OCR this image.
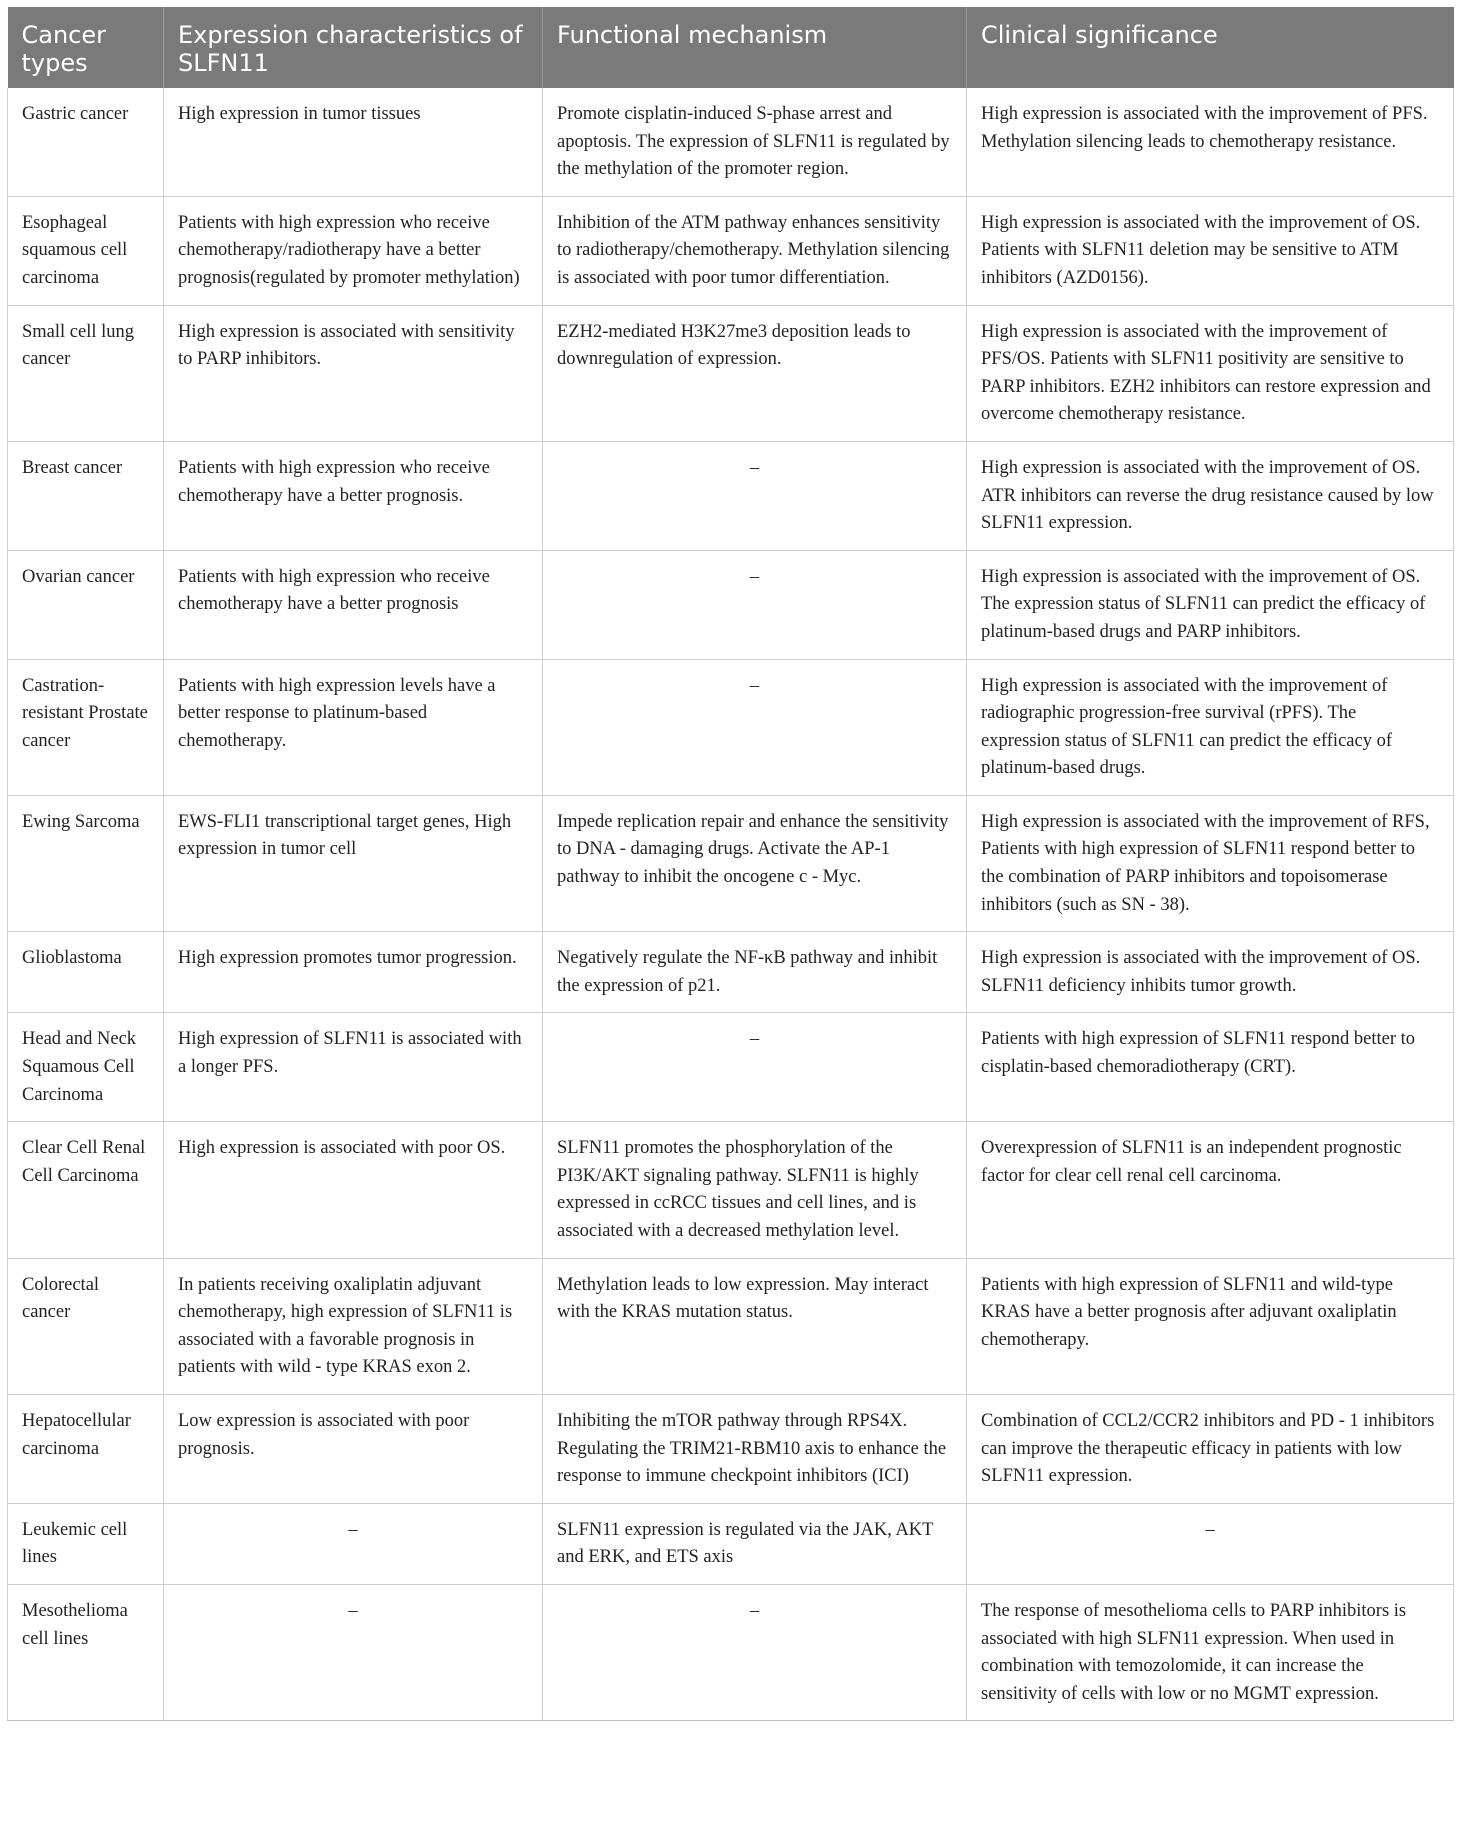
Cancer types	Expression characteristics of SLFN11	Functional mechanism	Clinical significance
Gastric cancer	High expression in tumor tissues	Promote cisplatin-induced S-phase arrest and apoptosis. The expression of SLFN11 is regulated by the methylation of the promoter region.	High expression is associated with the improvement of PFS. Methylation silencing leads to chemotherapy resistance.
Esophageal squamous cell carcinoma	Patients with high expression who receive chemotherapy/radiotherapy have a better prognosis(regulated by promoter methylation)	Inhibition of the ATM pathway enhances sensitivity to radiotherapy/chemotherapy. Methylation silencing is associated with poor tumor differentiation.	High expression is associated with the improvement of OS. Patients with SLFN11 deletion may be sensitive to ATM inhibitors (AZD0156).
Small cell lung cancer	High expression is associated with sensitivity to PARP inhibitors.	EZH2-mediated H3K27me3 deposition leads to downregulation of expression.	High expression is associated with the improvement of PFS/OS. Patients with SLFN11 positivity are sensitive to PARP inhibitors. EZH2 inhibitors can restore expression and overcome chemotherapy resistance.
Breast cancer	Patients with high expression who receive chemotherapy have a better prognosis.	–	High expression is associated with the improvement of OS. ATR inhibitors can reverse the drug resistance caused by low SLFN11 expression.
Ovarian cancer	Patients with high expression who receive chemotherapy have a better prognosis	–	High expression is associated with the improvement of OS. The expression status of SLFN11 can predict the efficacy of platinum-based drugs and PARP inhibitors.
Castration-resistant Prostate cancer	Patients with high expression levels have a better response to platinum-based chemotherapy.	–	High expression is associated with the improvement of radiographic progression-free survival (rPFS). The expression status of SLFN11 can predict the efficacy of platinum-based drugs.
Ewing Sarcoma	EWS-FLI1 transcriptional target genes, High expression in tumor cell	Impede replication repair and enhance the sensitivity to DNA - damaging drugs. Activate the AP-1 pathway to inhibit the oncogene c - Myc.	High expression is associated with the improvement of RFS, Patients with high expression of SLFN11 respond better to the combination of PARP inhibitors and topoisomerase inhibitors (such as SN - 38).
Glioblastoma	High expression promotes tumor progression.	Negatively regulate the NF-κB pathway and inhibit the expression of p21.	High expression is associated with the improvement of OS. SLFN11 deficiency inhibits tumor growth.
Head and Neck Squamous Cell Carcinoma	High expression of SLFN11 is associated with a longer PFS.	–	Patients with high expression of SLFN11 respond better to cisplatin-based chemoradiotherapy (CRT).
Clear Cell Renal Cell Carcinoma	High expression is associated with poor OS.	SLFN11 promotes the phosphorylation of the PI3K/AKT signaling pathway. SLFN11 is highly expressed in ccRCC tissues and cell lines, and is associated with a decreased methylation level.	Overexpression of SLFN11 is an independent prognostic factor for clear cell renal cell carcinoma.
Colorectal cancer	In patients receiving oxaliplatin adjuvant chemotherapy, high expression of SLFN11 is associated with a favorable prognosis in patients with wild - type KRAS exon 2.	Methylation leads to low expression. May interact with the KRAS mutation status.	Patients with high expression of SLFN11 and wild-type KRAS have a better prognosis after adjuvant oxaliplatin chemotherapy.
Hepatocellular carcinoma	Low expression is associated with poor prognosis.	Inhibiting the mTOR pathway through RPS4X. Regulating the TRIM21-RBM10 axis to enhance the response to immune checkpoint inhibitors (ICI)	Combination of CCL2/CCR2 inhibitors and PD - 1 inhibitors can improve the therapeutic efficacy in patients with low SLFN11 expression.
Leukemic cell lines	–	SLFN11 expression is regulated via the JAK, AKT and ERK, and ETS axis	–
Mesothelioma cell lines	–	–	The response of mesothelioma cells to PARP inhibitors is associated with high SLFN11 expression. When used in combination with temozolomide, it can increase the sensitivity of cells with low or no MGMT expression.
